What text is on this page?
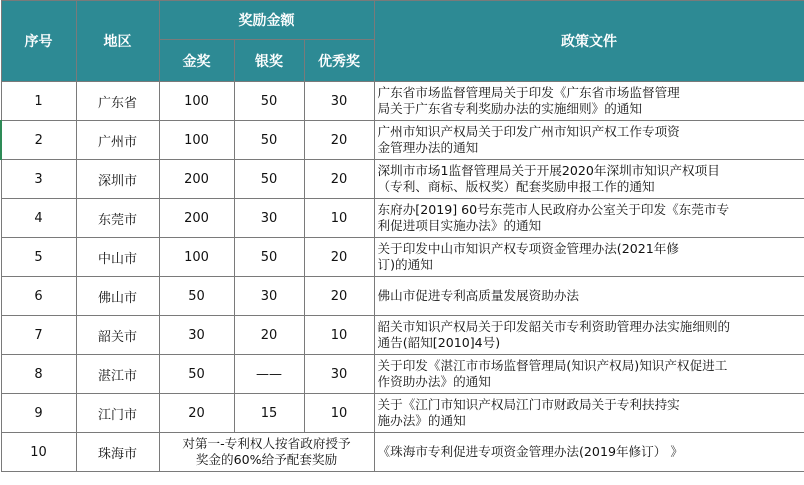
序号	地区	奖励金额			政策文件
		金奖	银奖	优秀奖	
1	广东省	100	50	30	广东省市场监督管理局关于印发《广东省市场监督管理
局关于广东省专利奖励办法的实施细则》的通知
2	广州市	100	50	20	广州市知识产权局关于印发广州市知识产权工作专项资
金管理办法的通知
3	深圳市	200	50	20	深圳市市场1监督管理局关于开展2020年深圳市知识产权项目
（专利、商标、版权奖）配套奖励申报工作的通知
4	东莞市	200	30	10	东府办[2019] 60号东莞市人民政府办公室关于印发《东莞市专
利促进项目实施办法》的通知
5	中山市	100	50	20	关于印发中山市知识产权专项资金管理办法(2021年修
订)的通知
6	佛山市	50	30	20	佛山市促进专利高质量发展资助办法
7	韶关市	30	20	10	韶关市知识产权局关于印发韶关市专利资助管理办法实施细则的
通告(韶知[2010]4号)
8	湛江市	50	——	30	关于印发《湛江市市场监督管理局(知识产权局)知识产权促进工
作资助办法》的通知
9	江门市	20	15	10	关于《江门市知识产权局江门市财政局关于专利扶持实
施办法》的通知
10	珠海市	对第一-专利权人按省政府授予
奖金的60%给予配套奖励			《珠海市专利促进专项资金管理办法(2019年修订） 》
